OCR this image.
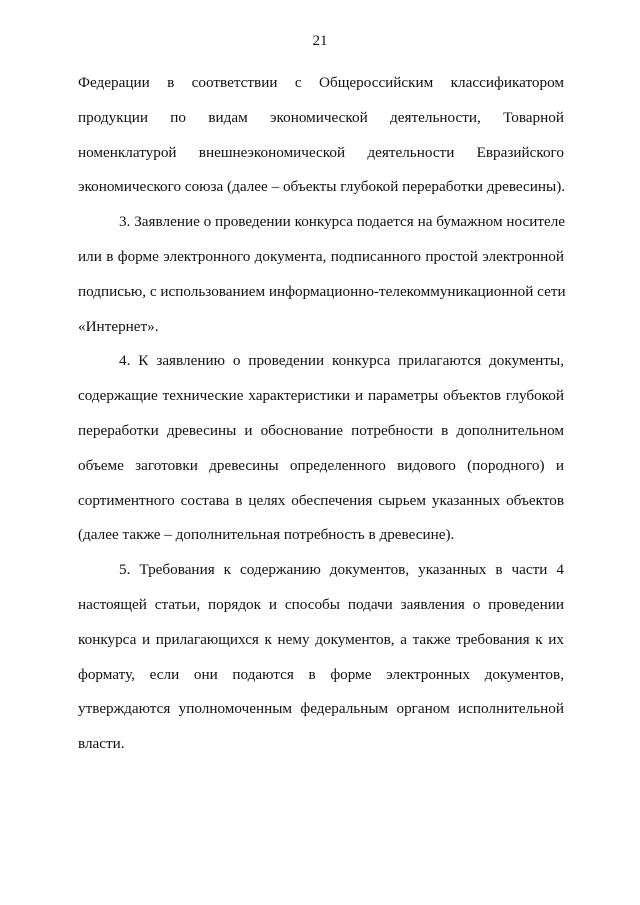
21

Федерации в соответствии с Общероссийским классификатором

продукции по видам экономической деятельности, Товарной

номенклатурой внешнеэкономической деятельности Евразийского

экономического союза (далее – объекты глубокой переработки древесины).

3. Заявление о проведении конкурса подается на бумажном носителе

или в форме электронного документа, подписанного простой электронной

подписью, с использованием информационно-телекоммуникационной сети

«Интернет».

4. К заявлению о проведении конкурса прилагаются документы,

содержащие технические характеристики и параметры объектов глубокой

переработки древесины и обоснование потребности в дополнительном

объеме заготовки древесины определенного видового (породного) и

сортиментного состава в целях обеспечения сырьем указанных объектов

(далее также – дополнительная потребность в древесине).

5. Требования к содержанию документов, указанных в части 4

настоящей статьи, порядок и способы подачи заявления о проведении

конкурса и прилагающихся к нему документов, а также требования к их

формату, если они подаются в форме электронных документов,

утверждаются уполномоченным федеральным органом исполнительной

власти.
